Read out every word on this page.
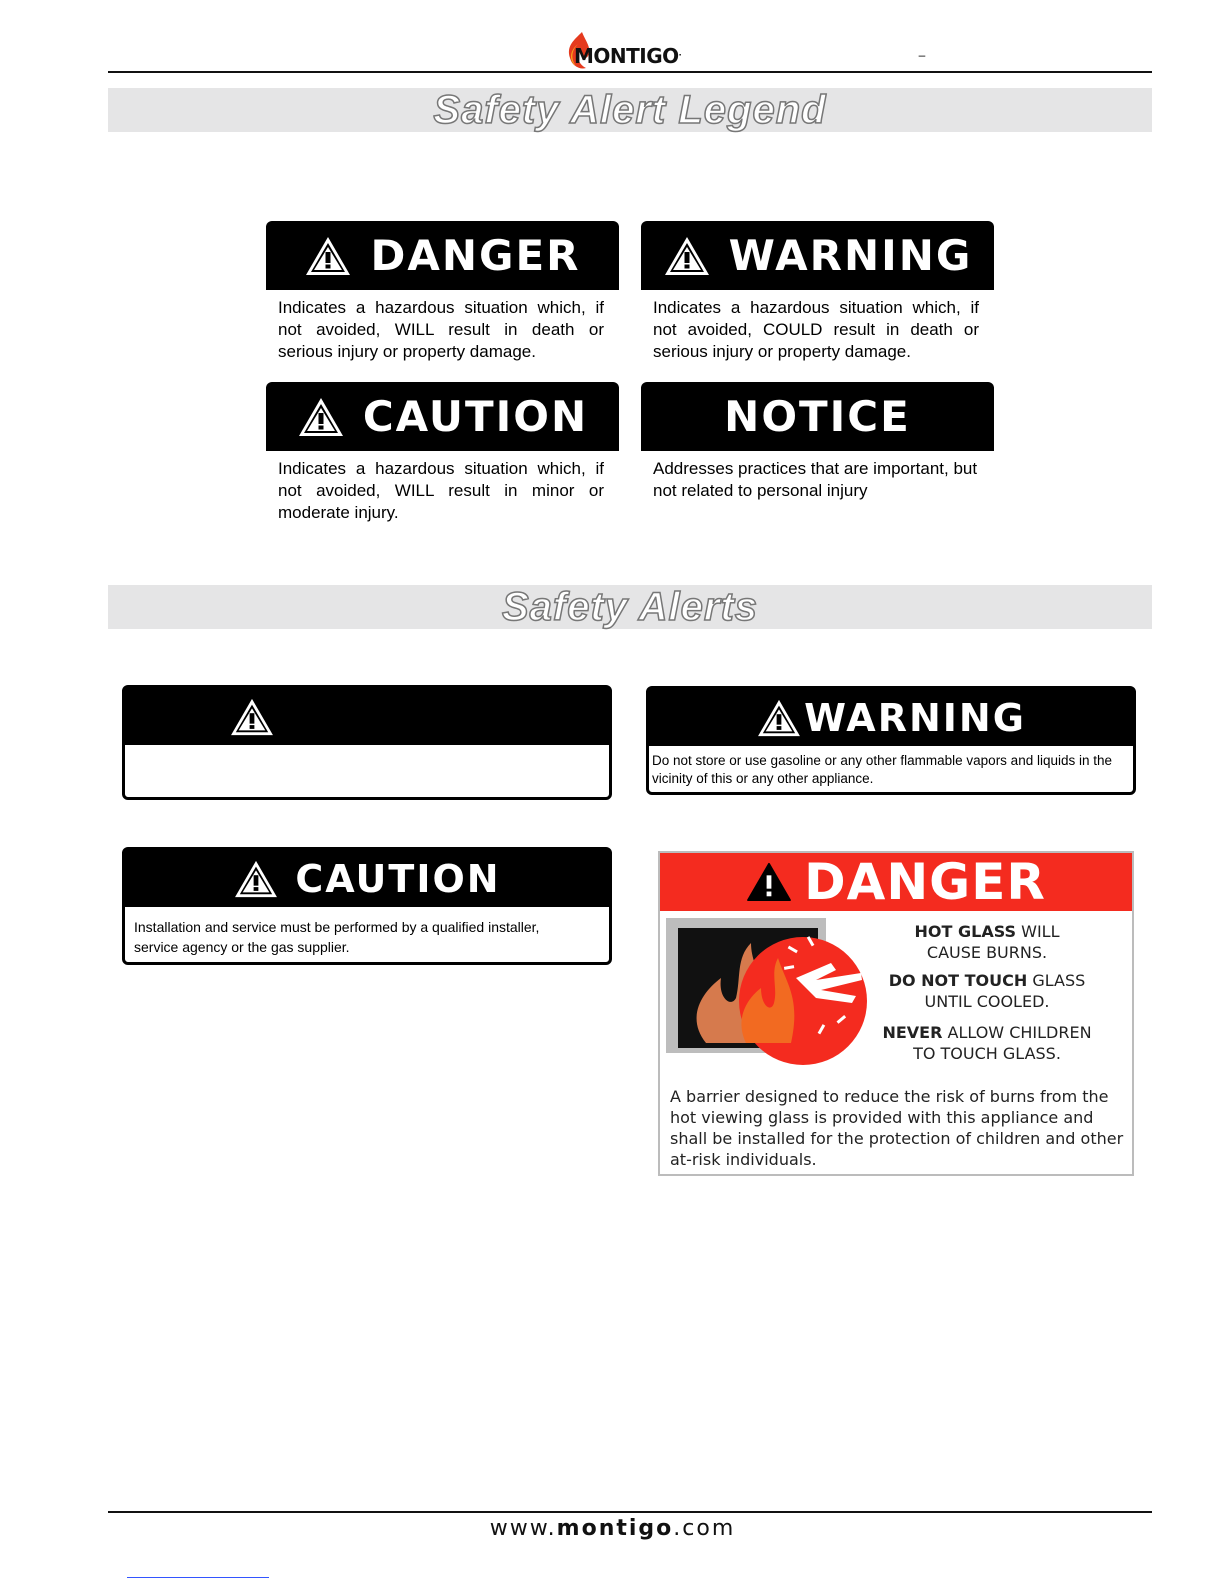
MONTIGO.	–
Safety Alert Legend
DANGER
Indicates a hazardous situation which, if not avoided, WILL result in death or serious injury or property damage.
WARNING
Indicates a hazardous situation which, if not avoided, COULD result in death or serious injury or property damage.
CAUTION
Indicates a hazardous situation which, if not avoided, WILL result in minor or moderate injury.
NOTICE
Addresses practices that are important, but not related to personal injury
Safety Alerts
WARNING
Do not store or use gasoline or any other flammable vapors and liquids in the vicinity of this or any other appliance.
CAUTION
Installation and service must be performed by a qualified installer, service agency or the gas supplier.
DANGER
HOT GLASS WILL
CAUSE BURNS.
DO NOT TOUCH GLASS
UNTIL COOLED.
NEVER ALLOW CHILDREN
TO TOUCH GLASS.
A barrier designed to reduce the risk of burns from the hot viewing glass is provided with this appliance and shall be installed for the protection of children and other at-risk individuals.
www.montigo.com
